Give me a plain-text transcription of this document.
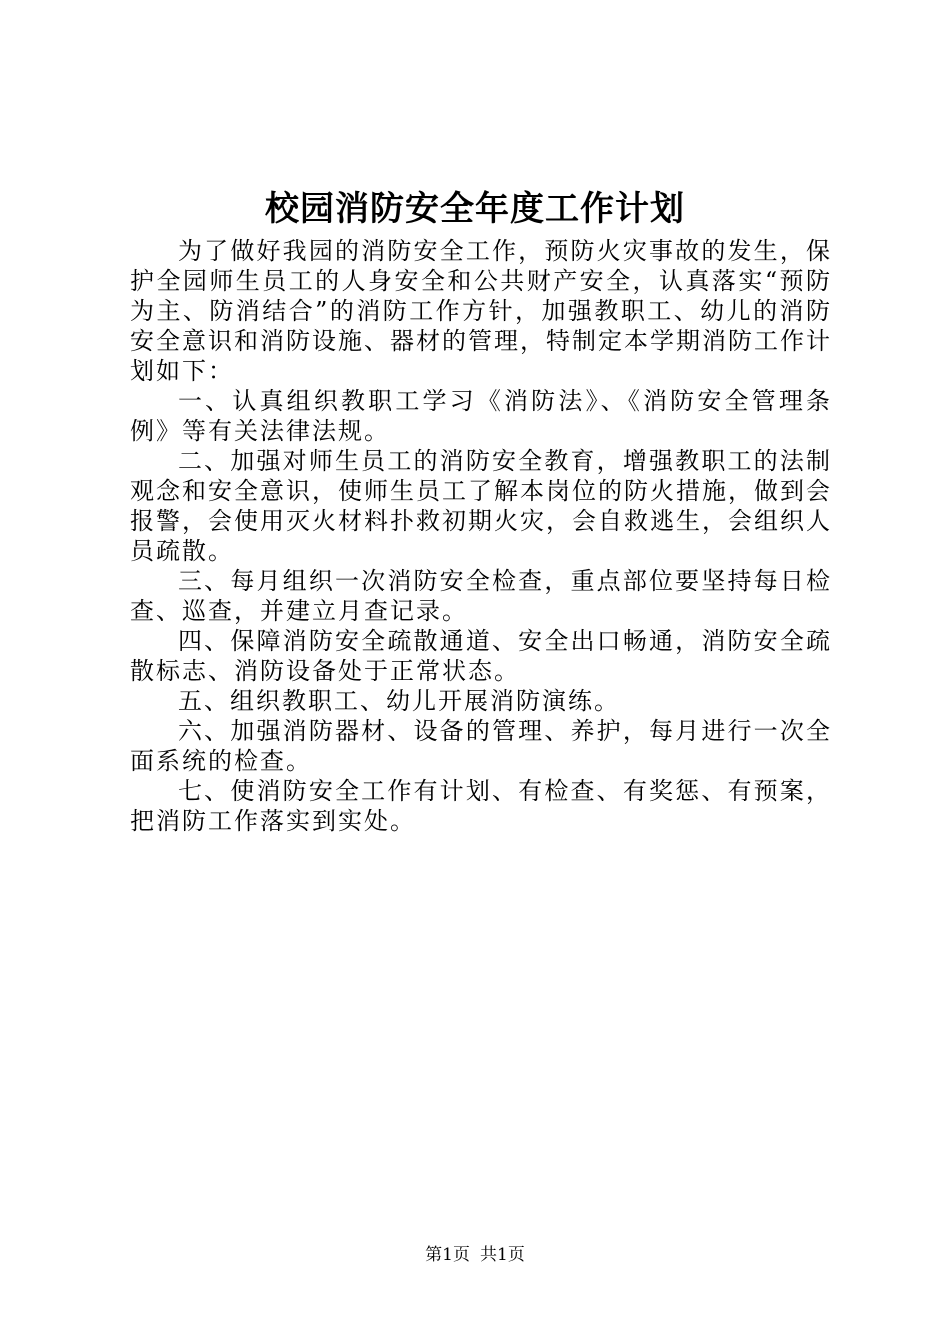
校园消防安全年度工作计划

为了做好我园的消防安全工作，预防火灾事故的发生，保护全园师生员工的人身安全和公共财产安全，认真落实“预防为主、防消结合”的消防工作方针，加强教职工、幼儿的消防安全意识和消防设施、器材的管理，特制定本学期消防工作计划如下：

一、认真组织教职工学习《消防法》、《消防安全管理条例》等有关法律法规。

二、加强对师生员工的消防安全教育，增强教职工的法制观念和安全意识，使师生员工了解本岗位的防火措施，做到会报警，会使用灭火材料扑救初期火灾，会自救逃生，会组织人员疏散。

三、每月组织一次消防安全检查，重点部位要坚持每日检查、巡查，并建立月查记录。

四、保障消防安全疏散通道、安全出口畅通，消防安全疏散标志、消防设备处于正常状态。

五、组织教职工、幼儿开展消防演练。

六、加强消防器材、设备的管理、养护，每月进行一次全面系统的检查。

七、使消防安全工作有计划、有检查、有奖惩、有预案，把消防工作落实到实处。

第1页 共1页
